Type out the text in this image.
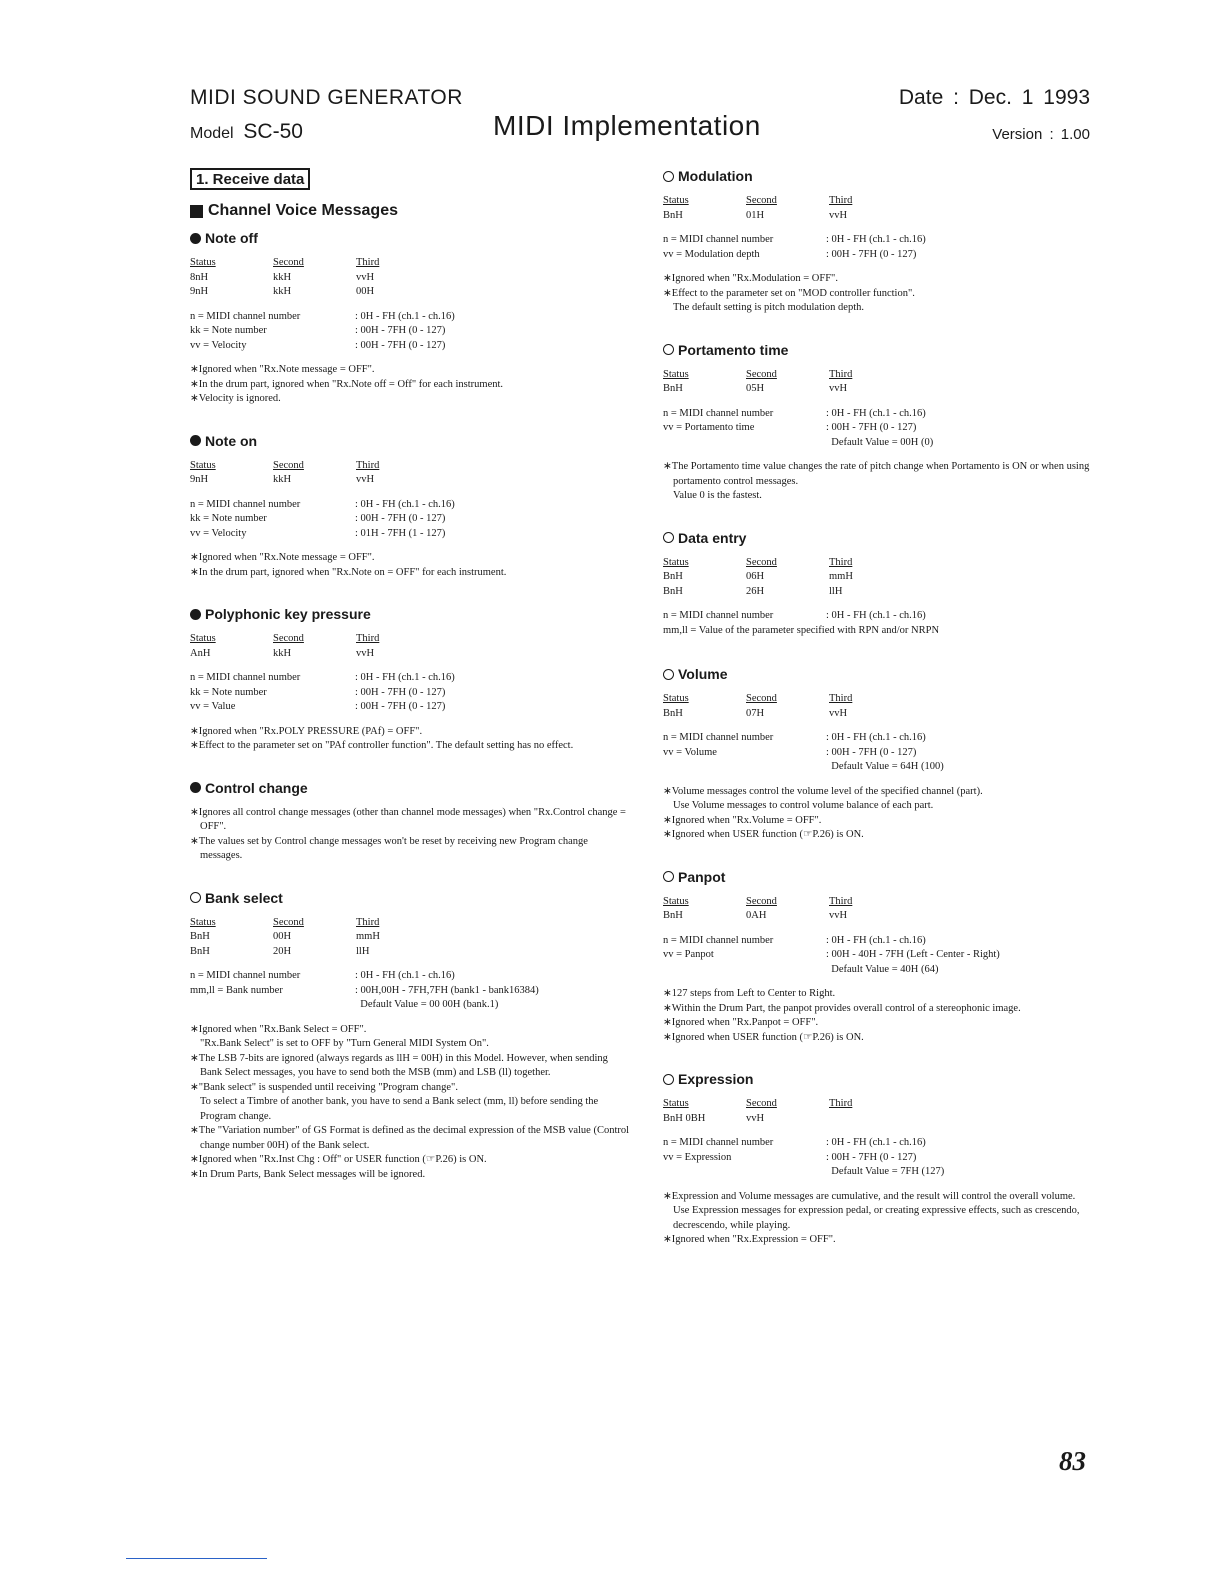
MIDI SOUND GENERATOR
Model SC-50	MIDI Implementation
Date : Dec. 1 1993
Version : 1.00
1. Receive data
Channel Voice Messages
Note off
Status	Second	Third
8nH	kkH	vvH
9nH	kkH	00H
n = MIDI channel number	: 0H - FH (ch.1 - ch.16)
kk = Note number	: 00H - 7FH (0 - 127)
vv = Velocity	: 00H - 7FH (0 - 127)
∗Ignored when "Rx.Note message = OFF".
∗In the drum part, ignored when "Rx.Note off = Off" for each instrument.
∗Velocity is ignored.
Note on
Status	Second	Third
9nH	kkH	vvH
n = MIDI channel number	: 0H - FH (ch.1 - ch.16)
kk = Note number	: 00H - 7FH (0 - 127)
vv = Velocity	: 01H - 7FH (1 - 127)
∗Ignored when "Rx.Note message = OFF".
∗In the drum part, ignored when "Rx.Note on = OFF" for each instrument.
Polyphonic key pressure
Status	Second	Third
AnH	kkH	vvH
n = MIDI channel number	: 0H - FH (ch.1 - ch.16)
kk = Note number	: 00H - 7FH (0 - 127)
vv = Value	: 00H - 7FH (0 - 127)
∗Ignored when "Rx.POLY PRESSURE (PAf) = OFF".
∗Effect to the parameter set on "PAf controller function". The default setting has no effect.
Control change
∗Ignores all control change messages (other than channel mode messages) when "Rx.Control change = OFF".
∗The values set by Control change messages won't be reset by receiving new Program change messages.
Bank select
Status	Second	Third
BnH	00H	mmH
BnH	20H	llH
n = MIDI channel number	: 0H - FH (ch.1 - ch.16)
mm,ll = Bank number	: 00H,00H - 7FH,7FH (bank1 - bank16384)
Default Value = 00 00H (bank.1)
∗Ignored when "Rx.Bank Select = OFF".
"Rx.Bank Select" is set to OFF by "Turn General MIDI System On".
∗The LSB 7-bits are ignored (always regards as llH = 00H) in this Model. However, when sending Bank Select messages, you have to send both the MSB (mm) and LSB (ll) together.
∗"Bank select" is suspended until receiving "Program change".
To select a Timbre of another bank, you have to send a Bank select (mm, ll) before sending the Program change.
∗The "Variation number" of GS Format is defined as the decimal expression of the MSB value (Control change number 00H) of the Bank select.
∗Ignored when "Rx.Inst Chg : Off" or USER function (☞P.26) is ON.
∗In Drum Parts, Bank Select messages will be ignored.
Modulation
Status	Second	Third
BnH	01H	vvH
n = MIDI channel number	: 0H - FH (ch.1 - ch.16)
vv = Modulation depth	: 00H - 7FH (0 - 127)
∗Ignored when "Rx.Modulation = OFF".
∗Effect to the parameter set on "MOD controller function".
The default setting is pitch modulation depth.
Portamento time
Status	Second	Third
BnH	05H	vvH
n = MIDI channel number	: 0H - FH (ch.1 - ch.16)
vv = Portamento time	: 00H - 7FH (0 - 127)
Default Value = 00H (0)
∗The Portamento time value changes the rate of pitch change when Portamento is ON or when using portamento control messages.
Value 0 is the fastest.
Data entry
Status	Second	Third
BnH	06H	mmH
BnH	26H	llH
n = MIDI channel number	: 0H - FH (ch.1 - ch.16)
mm,ll = Value of the parameter specified with RPN and/or NRPN
Volume
Status	Second	Third
BnH	07H	vvH
n = MIDI channel number	: 0H - FH (ch.1 - ch.16)
vv = Volume	: 00H - 7FH (0 - 127)
Default Value = 64H (100)
∗Volume messages control the volume level of the specified channel (part).
Use Volume messages to control volume balance of each part.
∗Ignored when "Rx.Volume = OFF".
∗Ignored when USER function (☞P.26) is ON.
Panpot
Status	Second	Third
BnH	0AH	vvH
n = MIDI channel number	: 0H - FH (ch.1 - ch.16)
vv = Panpot	: 00H - 40H - 7FH (Left - Center - Right)
Default Value = 40H (64)
∗127 steps from Left to Center to Right.
∗Within the Drum Part, the panpot provides overall control of a stereophonic image.
∗Ignored when "Rx.Panpot = OFF".
∗Ignored when USER function (☞P.26) is ON.
Expression
Status	Second	Third
BnH 0BH	vvH
n = MIDI channel number	: 0H - FH (ch.1 - ch.16)
vv = Expression	: 00H - 7FH (0 - 127)
Default Value = 7FH (127)
∗Expression and Volume messages are cumulative, and the result will control the overall volume.
Use Expression messages for expression pedal, or creating expressive effects, such as crescendo, decrescendo, while playing.
∗Ignored when "Rx.Expression = OFF".
83
